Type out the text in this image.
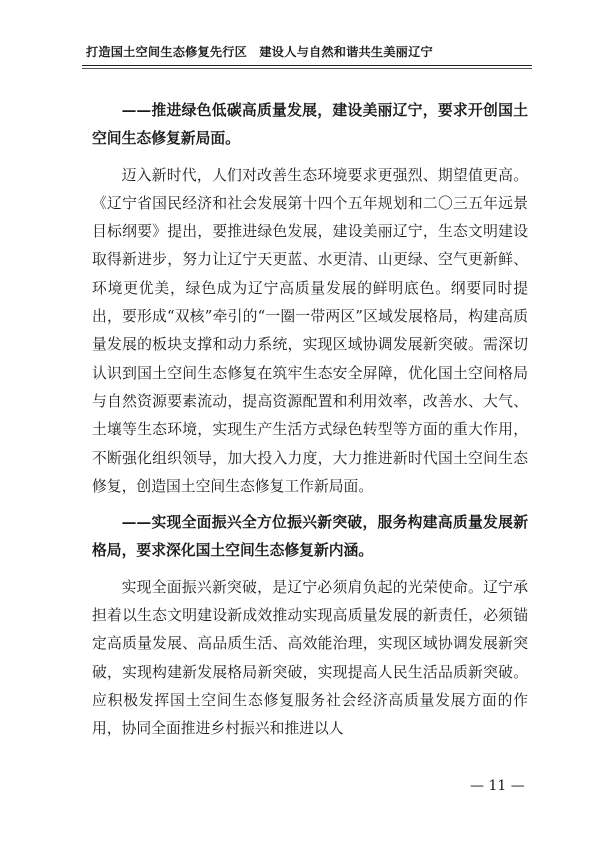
打造国土空间生态修复先行区　建设人与自然和谐共生美丽辽宁

——推进绿色低碳高质量发展，建设美丽辽宁，要求开创国土空间生态修复新局面。

迈入新时代，人们对改善生态环境要求更强烈、期望值更高。《辽宁省国民经济和社会发展第十四个五年规划和二〇三五年远景目标纲要》提出，要推进绿色发展，建设美丽辽宁，生态文明建设取得新进步，努力让辽宁天更蓝、水更清、山更绿、空气更新鲜、环境更优美，绿色成为辽宁高质量发展的鲜明底色。纲要同时提出，要形成“双核”牵引的“一圈一带两区”区域发展格局，构建高质量发展的板块支撑和动力系统，实现区域协调发展新突破。需深切认识到国土空间生态修复在筑牢生态安全屏障，优化国土空间格局与自然资源要素流动，提高资源配置和利用效率，改善水、大气、土壤等生态环境，实现生产生活方式绿色转型等方面的重大作用，不断强化组织领导，加大投入力度，大力推进新时代国土空间生态修复，创造国土空间生态修复工作新局面。

——实现全面振兴全方位振兴新突破，服务构建高质量发展新格局，要求深化国土空间生态修复新内涵。

实现全面振兴新突破，是辽宁必须肩负起的光荣使命。辽宁承担着以生态文明建设新成效推动实现高质量发展的新责任，必须锚定高质量发展、高品质生活、高效能治理，实现区域协调发展新突破，实现构建新发展格局新突破，实现提高人民生活品质新突破。应积极发挥国土空间生态修复服务社会经济高质量发展方面的作用，协同全面推进乡村振兴和推进以人

— 11 —
